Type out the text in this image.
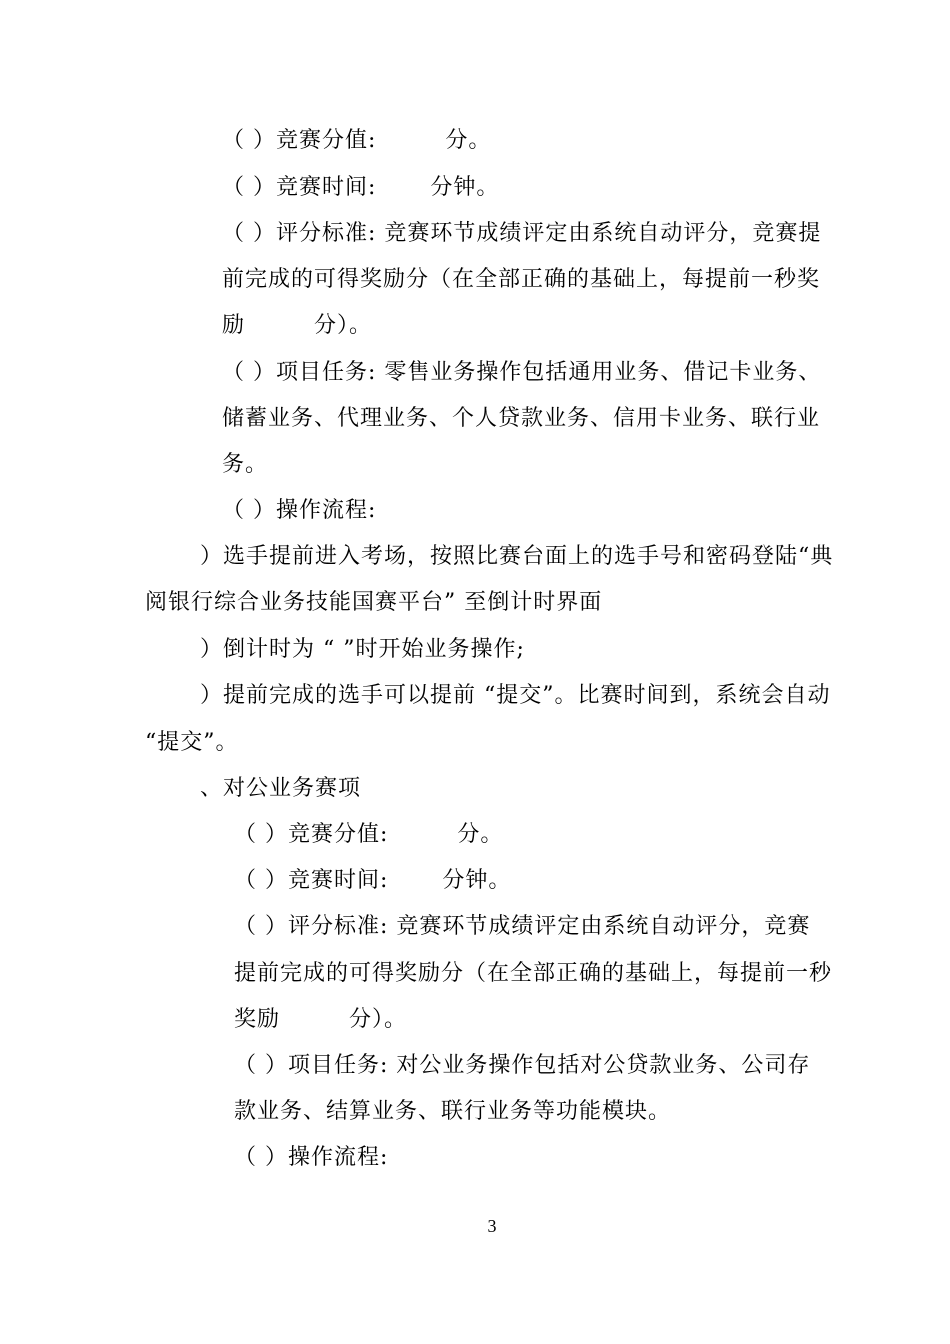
（ ）竞赛分值:　　　分。
（ ）竞赛时间:　　 分钟。
（ ）评分标准: 竞赛环节成绩评定由系统自动评分，竞赛提
前完成的可得奖励分（在全部正确的基础上，每提前一秒奖
励　　　分）。
（ ）项目任务: 零售业务操作包括通用业务、借记卡业务、
储蓄业务、代理业务、个人贷款业务、信用卡业务、联行业
务。
（ ）操作流程:
）选手提前进入考场，按照比赛台面上的选手号和密码登陆“典
阅银行综合业务技能国赛平台” 至倒计时界面
）倒计时为 “ ”时开始业务操作;
）提前完成的选手可以提前 “提交”。比赛时间到，系统会自动
“提交”。
、对公业务赛项
（ ）竞赛分值:　　　分。
（ ）竞赛时间:　　 分钟。
（ ）评分标准: 竞赛环节成绩评定由系统自动评分，竞赛
提前完成的可得奖励分（在全部正确的基础上，每提前一秒
奖励　　　分）。
（ ）项目任务: 对公业务操作包括对公贷款业务、公司存
款业务、结算业务、联行业务等功能模块。
（ ）操作流程:
3
